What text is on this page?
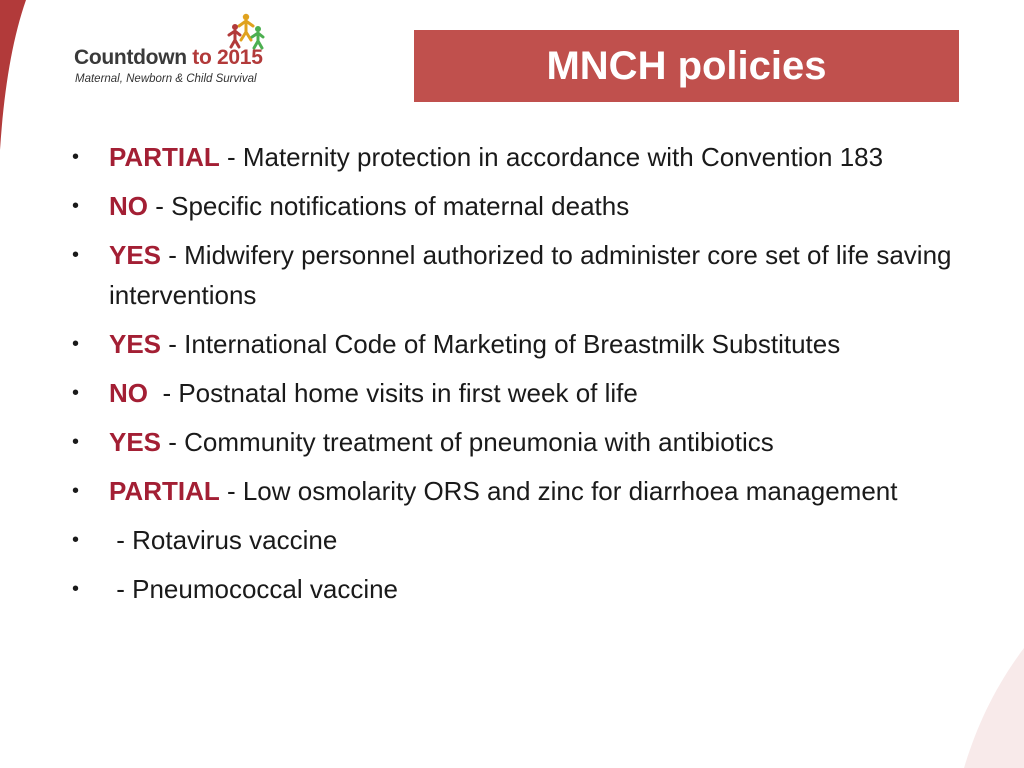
Countdown to 2015
Maternal, Newborn & Child Survival	MNCH policies
• PARTIAL - Maternity protection in accordance with Convention 183
• NO - Specific notifications of maternal deaths
• YES - Midwifery personnel authorized to administer core set of life saving interventions
• YES - International Code of Marketing of Breastmilk Substitutes
• NO  - Postnatal home visits in first week of life
• YES - Community treatment of pneumonia with antibiotics
• PARTIAL - Low osmolarity ORS and zinc for diarrhoea management
• - Rotavirus vaccine
• - Pneumococcal vaccine
